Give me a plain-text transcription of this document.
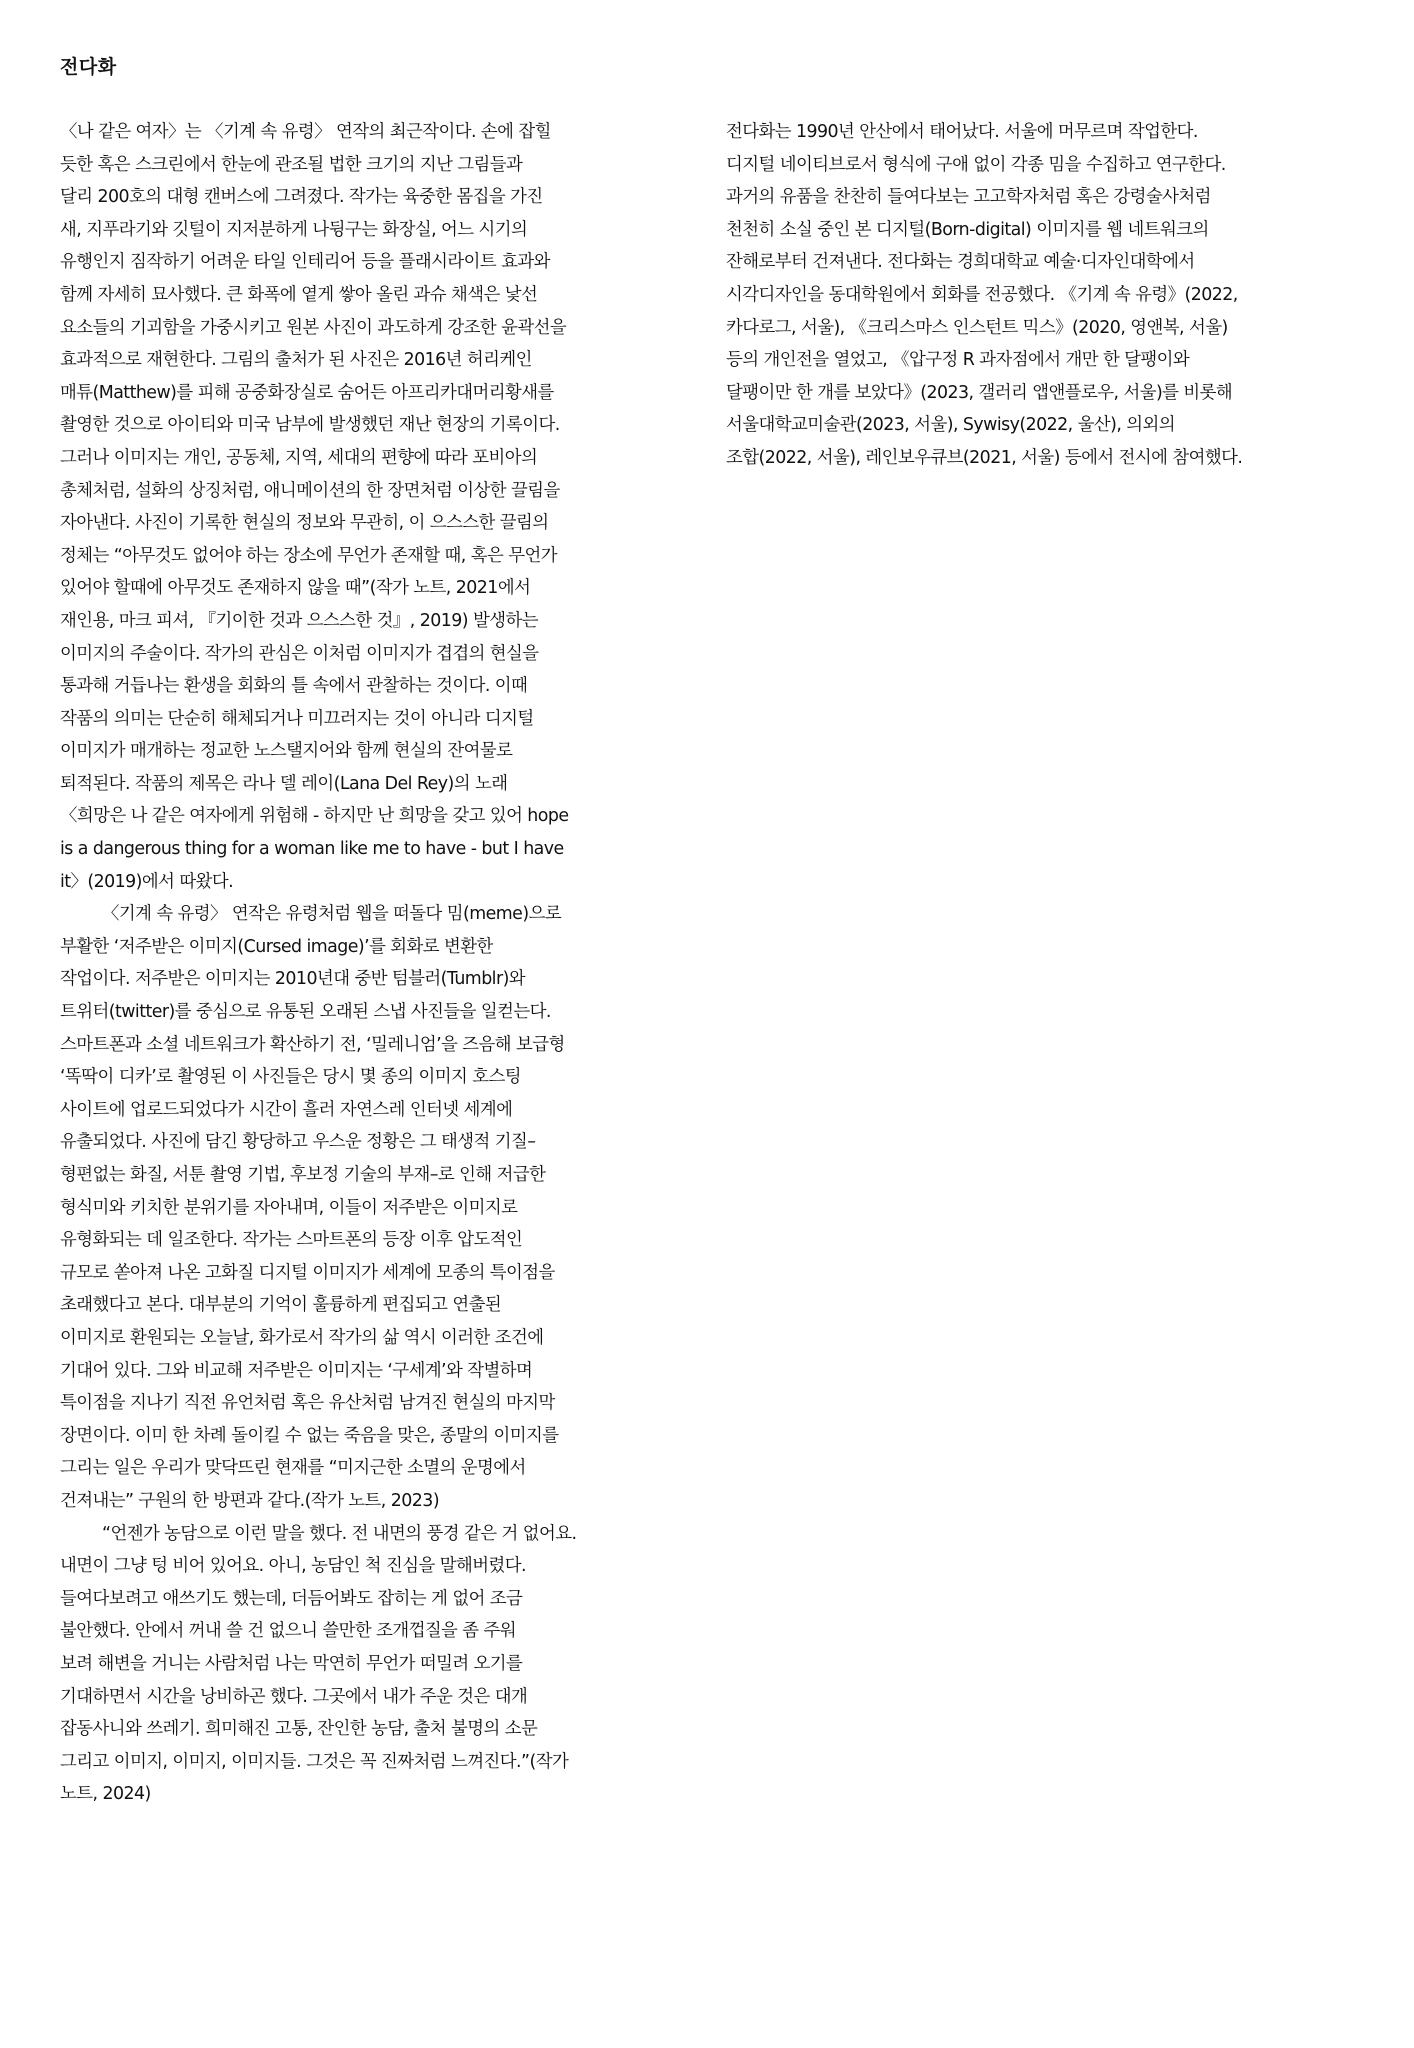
전다화
〈나 같은 여자〉는 〈기계 속 유령〉 연작의 최근작이다. 손에 잡힐
듯한 혹은 스크린에서 한눈에 관조될 법한 크기의 지난 그림들과
달리 200호의 대형 캔버스에 그려졌다. 작가는 육중한 몸집을 가진
새, 지푸라기와 깃털이 지저분하게 나뒹구는 화장실, 어느 시기의
유행인지 짐작하기 어려운 타일 인테리어 등을 플래시라이트 효과와
함께 자세히 묘사했다. 큰 화폭에 옅게 쌓아 올린 과슈 채색은 낯선
요소들의 기괴함을 가중시키고 원본 사진이 과도하게 강조한 윤곽선을
효과적으로 재현한다. 그림의 출처가 된 사진은 2016년 허리케인
매튜(Matthew)를 피해 공중화장실로 숨어든 아프리카대머리황새를
촬영한 것으로 아이티와 미국 남부에 발생했던 재난 현장의 기록이다.
그러나 이미지는 개인, 공동체, 지역, 세대의 편향에 따라 포비아의
총체처럼, 설화의 상징처럼, 애니메이션의 한 장면처럼 이상한 끌림을
자아낸다. 사진이 기록한 현실의 정보와 무관히, 이 으스스한 끌림의
정체는 “아무것도 없어야 하는 장소에 무언가 존재할 때, 혹은 무언가
있어야 할때에 아무것도 존재하지 않을 때”(작가 노트, 2021에서
재인용, 마크 피셔, 『기이한 것과 으스스한 것』, 2019) 발생하는
이미지의 주술이다. 작가의 관심은 이처럼 이미지가 겹겹의 현실을
통과해 거듭나는 환생을 회화의 틀 속에서 관찰하는 것이다. 이때
작품의 의미는 단순히 해체되거나 미끄러지는 것이 아니라 디지털
이미지가 매개하는 정교한 노스탤지어와 함께 현실의 잔여물로
퇴적된다. 작품의 제목은 라나 델 레이(Lana Del Rey)의 노래
〈희망은 나 같은 여자에게 위험해 - 하지만 난 희망을 갖고 있어 hope
is a dangerous thing for a woman like me to have - but I have
it〉(2019)에서 따왔다.
〈기계 속 유령〉 연작은 유령처럼 웹을 떠돌다 밈(meme)으로
부활한 ‘저주받은 이미지(Cursed image)’를 회화로 변환한
작업이다. 저주받은 이미지는 2010년대 중반 텀블러(Tumblr)와
트위터(twitter)를 중심으로 유통된 오래된 스냅 사진들을 일컫는다.
스마트폰과 소셜 네트워크가 확산하기 전, ‘밀레니엄’을 즈음해 보급형
‘똑딱이 디카’로 촬영된 이 사진들은 당시 몇 종의 이미지 호스팅
사이트에 업로드되었다가 시간이 흘러 자연스레 인터넷 세계에
유출되었다. 사진에 담긴 황당하고 우스운 정황은 그 태생적 기질–
형편없는 화질, 서툰 촬영 기법, 후보정 기술의 부재–로 인해 저급한
형식미와 키치한 분위기를 자아내며, 이들이 저주받은 이미지로
유형화되는 데 일조한다. 작가는 스마트폰의 등장 이후 압도적인
규모로 쏟아져 나온 고화질 디지털 이미지가 세계에 모종의 특이점을
초래했다고 본다. 대부분의 기억이 훌륭하게 편집되고 연출된
이미지로 환원되는 오늘날, 화가로서 작가의 삶 역시 이러한 조건에
기대어 있다. 그와 비교해 저주받은 이미지는 ‘구세계’와 작별하며
특이점을 지나기 직전 유언처럼 혹은 유산처럼 남겨진 현실의 마지막
장면이다. 이미 한 차례 돌이킬 수 없는 죽음을 맞은, 종말의 이미지를
그리는 일은 우리가 맞닥뜨린 현재를 “미지근한 소멸의 운명에서
건져내는” 구원의 한 방편과 같다.(작가 노트, 2023)
“언젠가 농담으로 이런 말을 했다. 전 내면의 풍경 같은 거 없어요.
내면이 그냥 텅 비어 있어요. 아니, 농담인 척 진심을 말해버렸다.
들여다보려고 애쓰기도 했는데, 더듬어봐도 잡히는 게 없어 조금
불안했다. 안에서 꺼내 쓸 건 없으니 쓸만한 조개껍질을 좀 주워
보려 해변을 거니는 사람처럼 나는 막연히 무언가 떠밀려 오기를
기대하면서 시간을 낭비하곤 했다. 그곳에서 내가 주운 것은 대개
잡동사니와 쓰레기. 희미해진 고통, 잔인한 농담, 출처 불명의 소문
그리고 이미지, 이미지, 이미지들. 그것은 꼭 진짜처럼 느껴진다.”(작가
노트, 2024)
전다화는 1990년 안산에서 태어났다. 서울에 머무르며 작업한다.
디지털 네이티브로서 형식에 구애 없이 각종 밈을 수집하고 연구한다.
과거의 유품을 찬찬히 들여다보는 고고학자처럼 혹은 강령술사처럼
천천히 소실 중인 본 디지털(Born-digital) 이미지를 웹 네트워크의
잔해로부터 건져낸다. 전다화는 경희대학교 예술·디자인대학에서
시각디자인을 동대학원에서 회화를 전공했다. 《기계 속 유령》(2022,
카다로그, 서울), 《크리스마스 인스턴트 믹스》(2020, 영앤복, 서울)
등의 개인전을 열었고, 《압구정 R 과자점에서 개만 한 달팽이와
달팽이만 한 개를 보았다》(2023, 갤러리 앱앤플로우, 서울)를 비롯해
서울대학교미술관(2023, 서울), Sywisy(2022, 울산), 의외의
조합(2022, 서울), 레인보우큐브(2021, 서울) 등에서 전시에 참여했다.
